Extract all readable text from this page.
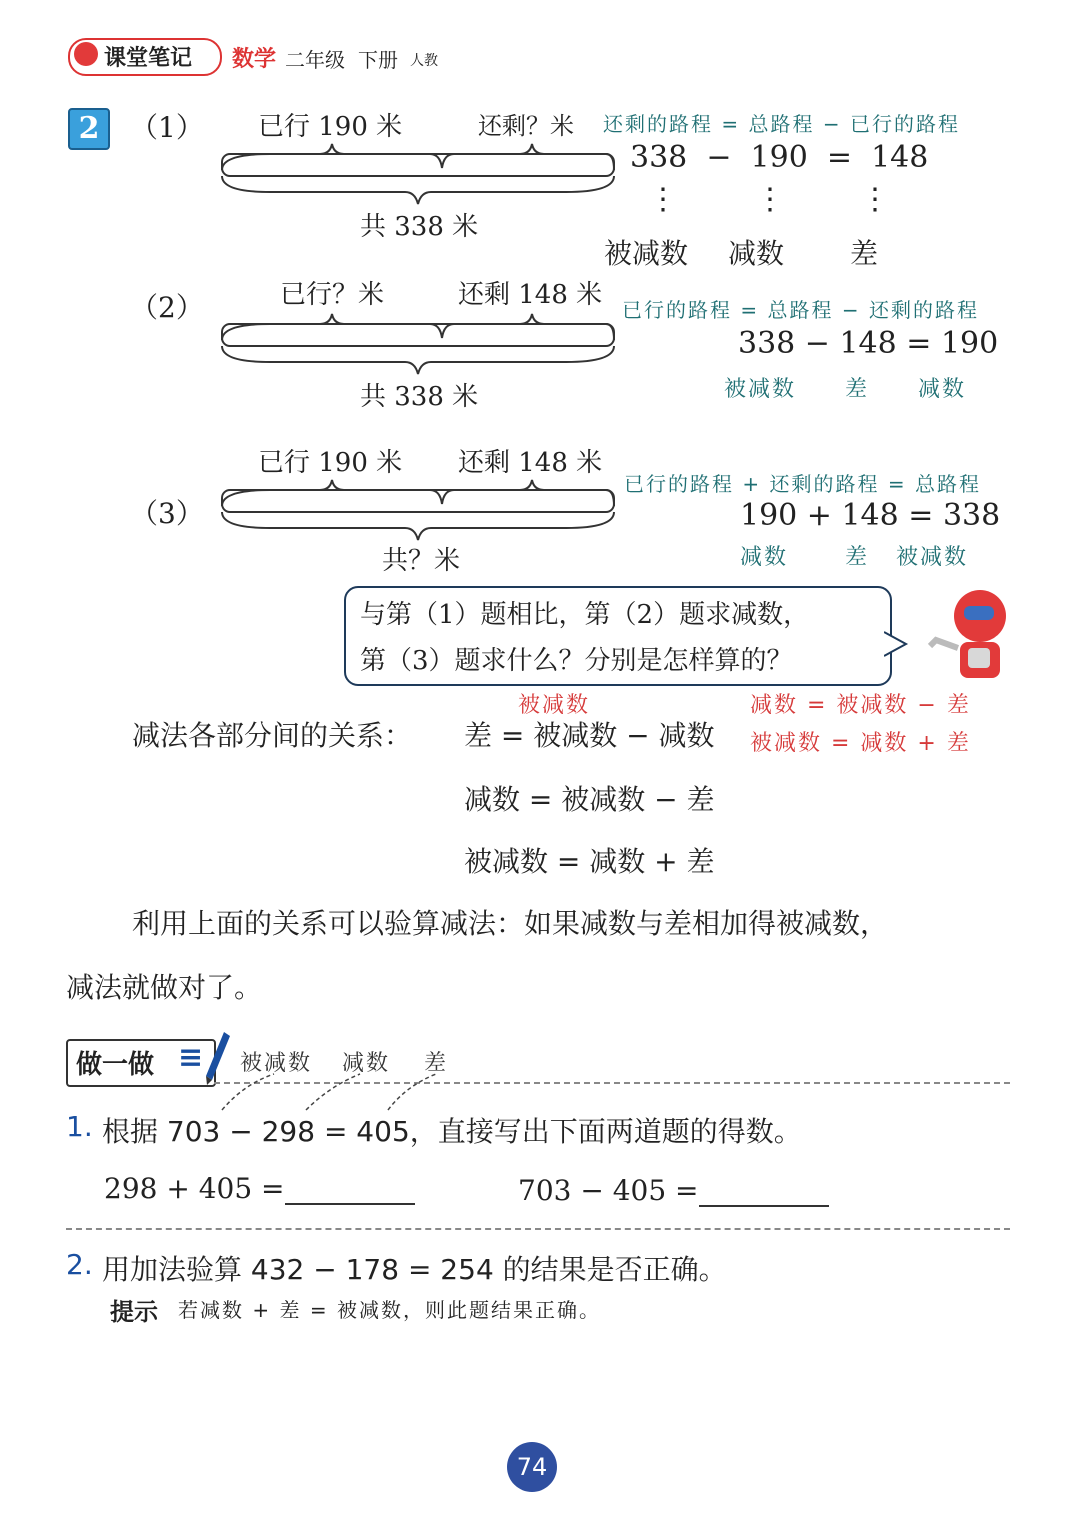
课堂笔记 数学 二年级 下册 人教
2	（1） 已行 190 米	还剩？米
共 338 米
还剩的路程 = 总路程 − 已行的路程
338  −  190  =  148
⋮	⋮	⋮
被减数 减数 差
（2）	已行？米	还剩 148 米
共 338 米
已行的路程 = 总路程 − 还剩的路程
338 − 148 = 190
被减数 差 减数
（3）
已行 190 米 还剩 148 米
共？米
已行的路程 + 还剩的路程 = 总路程
190 + 148 = 338
减数	差 被减数
与第（1）题相比，第（2）题求减数，
第（3）题求什么？分别是怎样算的？
被减数	减数 = 被减数 − 差
被减数 = 减数 + 差
减法各部分间的关系： 差 = 被减数 − 减数
减数 = 被减数 − 差
被减数 = 减数 + 差
利用上面的关系可以验算减法：如果减数与差相加得被减数，
减法就做对了。
做一做 ≡ 被减数 减数 差
1. 根据 703 − 298 = 405，直接写出下面两道题的得数。
298 + 405 =	703 − 405 =
2. 用加法验算 432 − 178 = 254 的结果是否正确。
提示 若减数 + 差 = 被减数，则此题结果正确。
74
